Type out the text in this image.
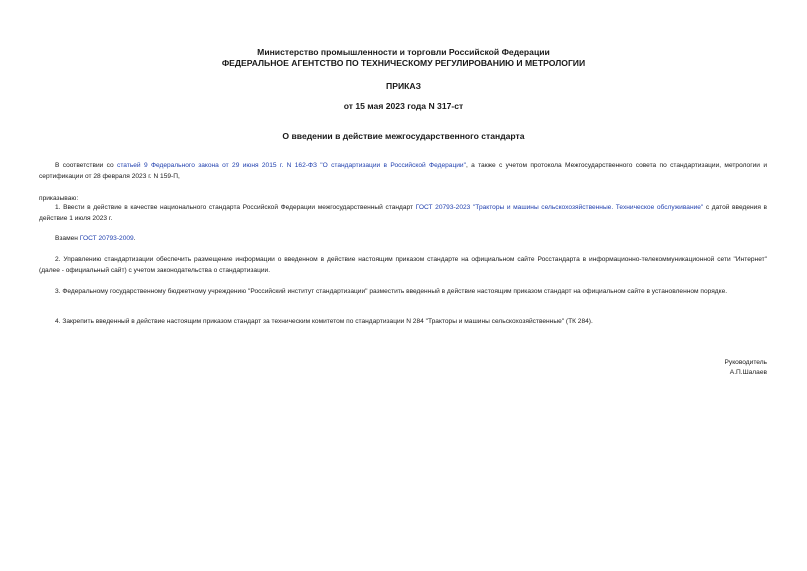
Министерство промышленности и торговли Российской Федерации
ФЕДЕРАЛЬНОЕ АГЕНТСТВО ПО ТЕХНИЧЕСКОМУ РЕГУЛИРОВАНИЮ И МЕТРОЛОГИИ
ПРИКАЗ
от 15 мая 2023 года N 317-ст
О введении в действие межгосударственного стандарта
В соответствии со статьей 9 Федерального закона от 29 июня 2015 г. N 162-ФЗ "О стандартизации в Российской Федерации", а также с учетом протокола Межгосударственного совета по стандартизации, метрологии и сертификации от 28 февраля 2023 г. N 159-П,
приказываю:
1. Ввести в действие в качестве национального стандарта Российской Федерации межгосударственный стандарт ГОСТ 20793-2023 "Тракторы и машины сельскохозяйственные. Техническое обслуживание" с датой введения в действие 1 июля 2023 г.
Взамен ГОСТ 20793-2009.
2. Управлению стандартизации обеспечить размещение информации о введенном в действие настоящим приказом стандарте на официальном сайте Росстандарта в информационно-телекоммуникационной сети "Интернет" (далее - официальный сайт) с учетом законодательства о стандартизации.
3. Федеральному государственному бюджетному учреждению "Российский институт стандартизации" разместить введенный в действие настоящим приказом стандарт на официальном сайте в установленном порядке.
4. Закрепить введенный в действие настоящим приказом стандарт за техническим комитетом по стандартизации N 284 "Тракторы и машины сельскохозяйственные" (ТК 284).
Руководитель
А.П.Шалаев
